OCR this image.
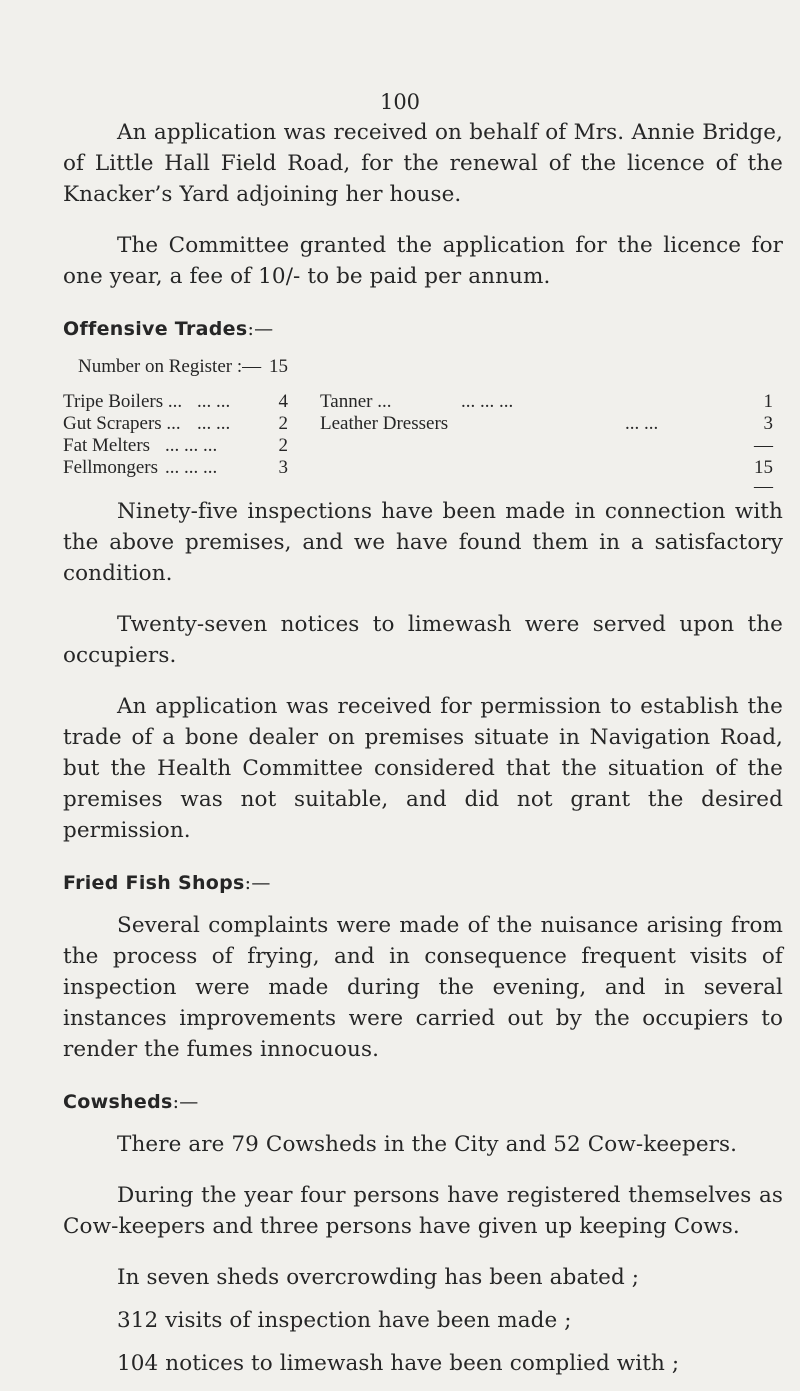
100

An application was received on behalf of Mrs. Annie Bridge, of Little Hall Field Road, for the renewal of the licence of the Knacker’s Yard adjoining her house.

The Committee granted the application for the licence for one year, a fee of 10/- to be paid per annum.

Offensive Trades:—
Number on Register :— 15
Tripe Boilers ... ... ...	4
Gut Scrapers ... ... ...	2
Fat Melters ... ... ...	2
Fellmongers ... ... ...	3
Tanner ...	... ... ...	1
Leather Dressers	... ...	3
—
15
—

Ninety-five inspections have been made in connection with the above premises, and we have found them in a satisfactory condition.

Twenty-seven notices to limewash were served upon the occupiers.

An application was received for permission to establish the trade of a bone dealer on premises situate in Navigation Road, but the Health Committee considered that the situation of the premises was not suitable, and did not grant the desired permission.

Fried Fish Shops:—

Several complaints were made of the nuisance arising from the process of frying, and in consequence frequent visits of inspection were made during the evening, and in several instances improvements were carried out by the occupiers to render the fumes innocuous.

Cowsheds:—

There are 79 Cowsheds in the City and 52 Cow-keepers.

During the year four persons have registered themselves as Cow-keepers and three persons have given up keeping Cows.

In seven sheds overcrowding has been abated ;

312 visits of inspection have been made ;

104 notices to limewash have been complied with ;
